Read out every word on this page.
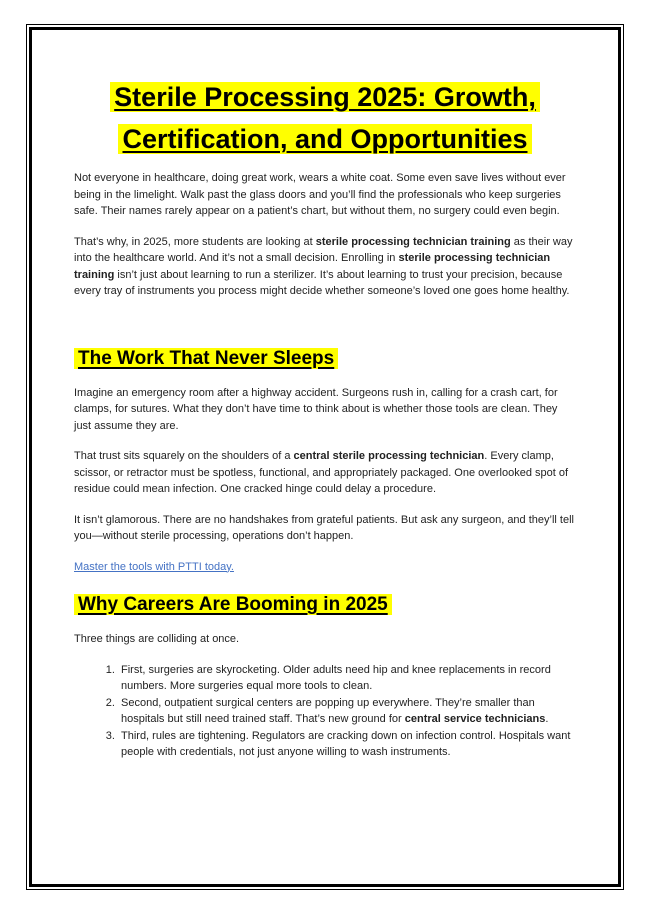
Sterile Processing 2025: Growth,
Certification, and Opportunities

Not everyone in healthcare, doing great work, wears a white coat. Some even save lives without ever being in the limelight. Walk past the glass doors and you’ll find the professionals who keep surgeries safe. Their names rarely appear on a patient’s chart, but without them, no surgery could even begin.

That’s why, in 2025, more students are looking at sterile processing technician training as their way into the healthcare world. And it’s not a small decision. Enrolling in sterile processing technician training isn’t just about learning to run a sterilizer. It’s about learning to trust your precision, because every tray of instruments you process might decide whether someone’s loved one goes home healthy.

The Work That Never Sleeps

Imagine an emergency room after a highway accident. Surgeons rush in, calling for a crash cart, for clamps, for sutures. What they don’t have time to think about is whether those tools are clean. They just assume they are.

That trust sits squarely on the shoulders of a central sterile processing technician. Every clamp, scissor, or retractor must be spotless, functional, and appropriately packaged. One overlooked spot of residue could mean infection. One cracked hinge could delay a procedure.

It isn’t glamorous. There are no handshakes from grateful patients. But ask any surgeon, and they’ll tell you—without sterile processing, operations don’t happen.

Master the tools with PTTI today.

Why Careers Are Booming in 2025

Three things are colliding at once.

1. First, surgeries are skyrocketing. Older adults need hip and knee replacements in record numbers. More surgeries equal more tools to clean.
2. Second, outpatient surgical centers are popping up everywhere. They’re smaller than hospitals but still need trained staff. That’s new ground for central service technicians.
3. Third, rules are tightening. Regulators are cracking down on infection control. Hospitals want people with credentials, not just anyone willing to wash instruments.
